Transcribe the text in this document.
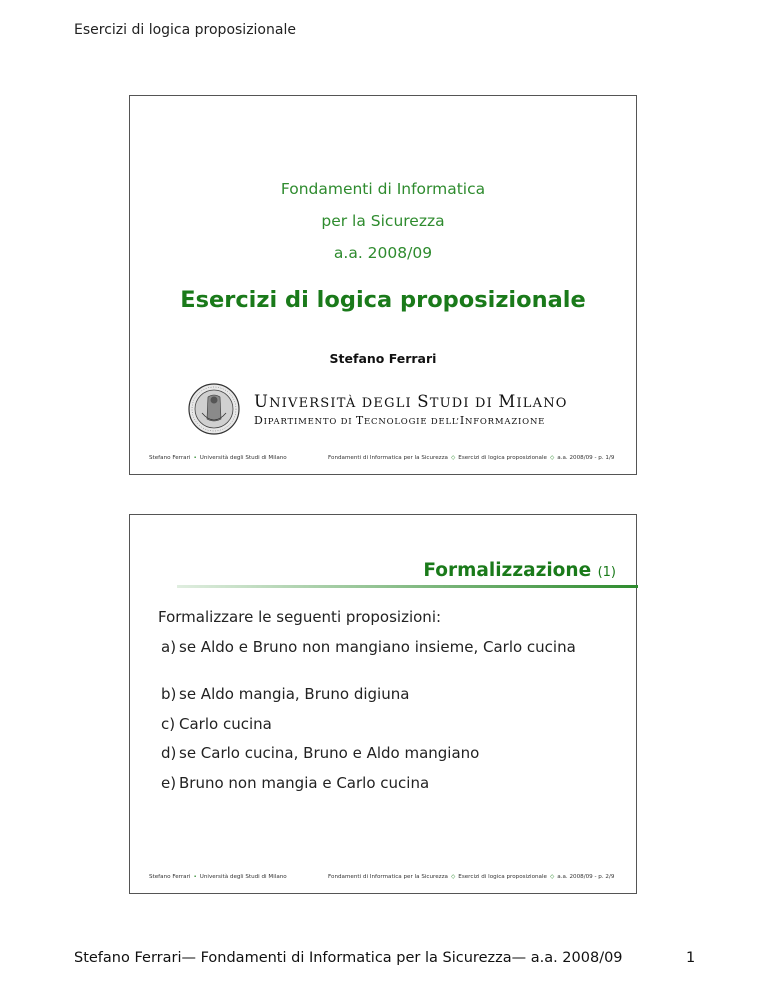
Esercizi di logica proposizionale
Fondamenti di Informatica
per la Sicurezza
a.a. 2008/09
Esercizi di logica proposizionale
Stefano Ferrari
UNIVERSITÀ DEGLI STUDI DI MILANO
DIPARTIMENTO DI TECNOLOGIE DELL’INFORMAZIONE
Stefano Ferrari • Università degli Studi di Milano	Fondamenti di Informatica per la Sicurezza ◇ Esercizi di logica proposizionale ◇ a.a. 2008/09 - p. 1/9
Formalizzazione (1)
Formalizzare le seguenti proposizioni:
a) se Aldo e Bruno non mangiano insieme, Carlo cucina
b) se Aldo mangia, Bruno digiuna
c) Carlo cucina
d) se Carlo cucina, Bruno e Aldo mangiano
e) Bruno non mangia e Carlo cucina
Stefano Ferrari • Università degli Studi di Milano	Fondamenti di Informatica per la Sicurezza ◇ Esercizi di logica proposizionale ◇ a.a. 2008/09 - p. 2/9
Stefano Ferrari— Fondamenti di Informatica per la Sicurezza— a.a. 2008/09	1
